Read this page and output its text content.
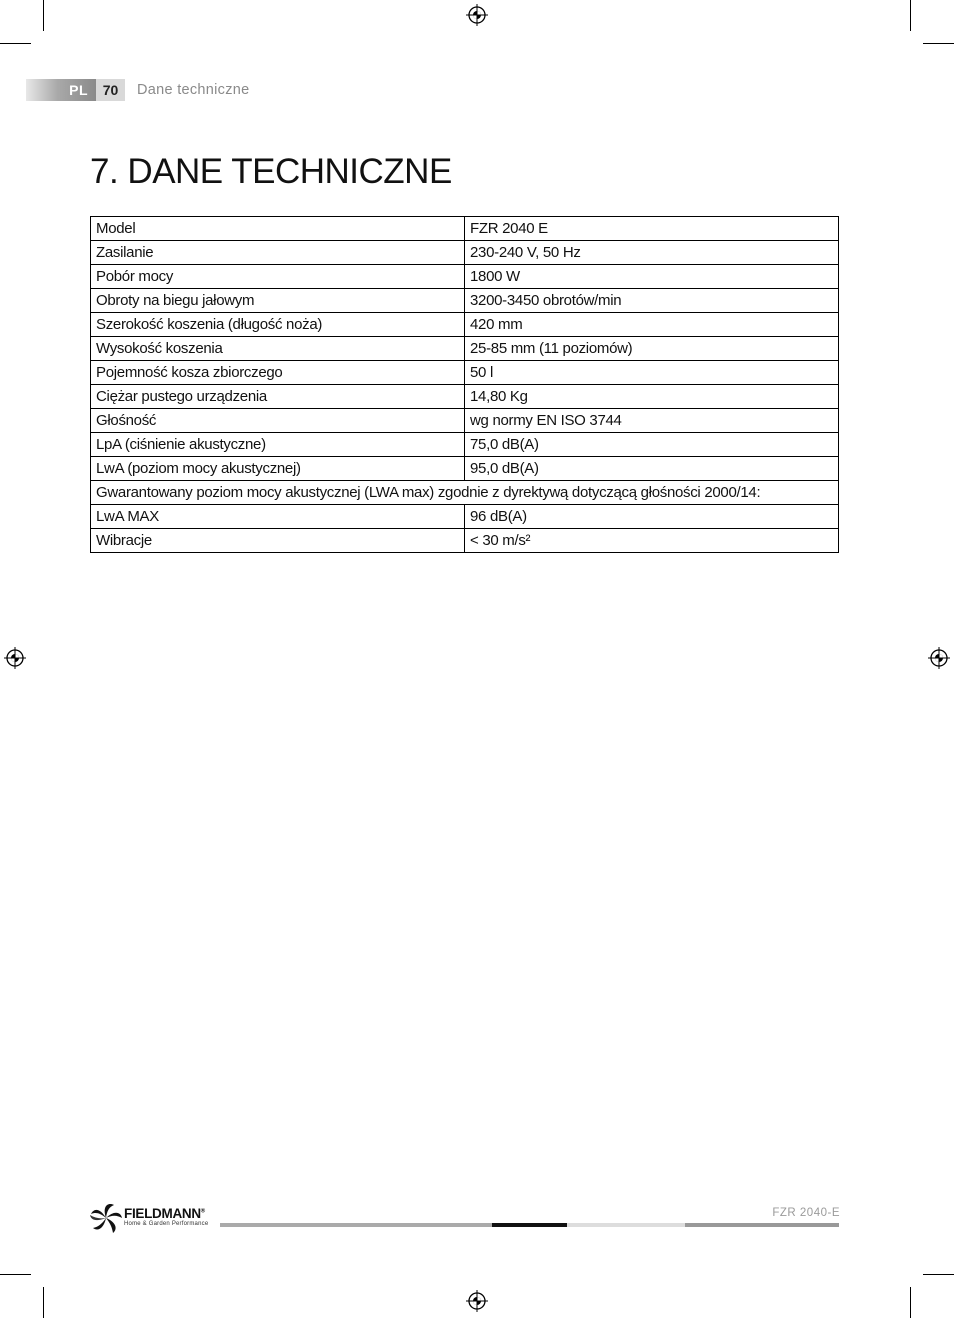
PL	70	Dane techniczne
7. DANE TECHNICZNE
Model	FZR 2040 E
Zasilanie	230-240 V, 50 Hz
Pobór mocy	1800 W
Obroty na biegu jałowym	3200-3450 obrotów/min
Szerokość koszenia (długość noża)	420 mm
Wysokość koszenia	25-85 mm (11 poziomów)
Pojemność kosza zbiorczego	50 l
Ciężar pustego urządzenia	14,80 Kg
Głośność	wg normy EN ISO 3744
LpA (ciśnienie akustyczne)	75,0 dB(A)
LwA (poziom mocy akustycznej)	95,0 dB(A)
Gwarantowany poziom mocy akustycznej (LWA max) zgodnie z dyrektywą dotyczącą głośności 2000/14:	
LwA MAX	96 dB(A)
Wibracje	< 30 m/s²
FIELDMANN®
Home & Garden Performance
FZR 2040-E
